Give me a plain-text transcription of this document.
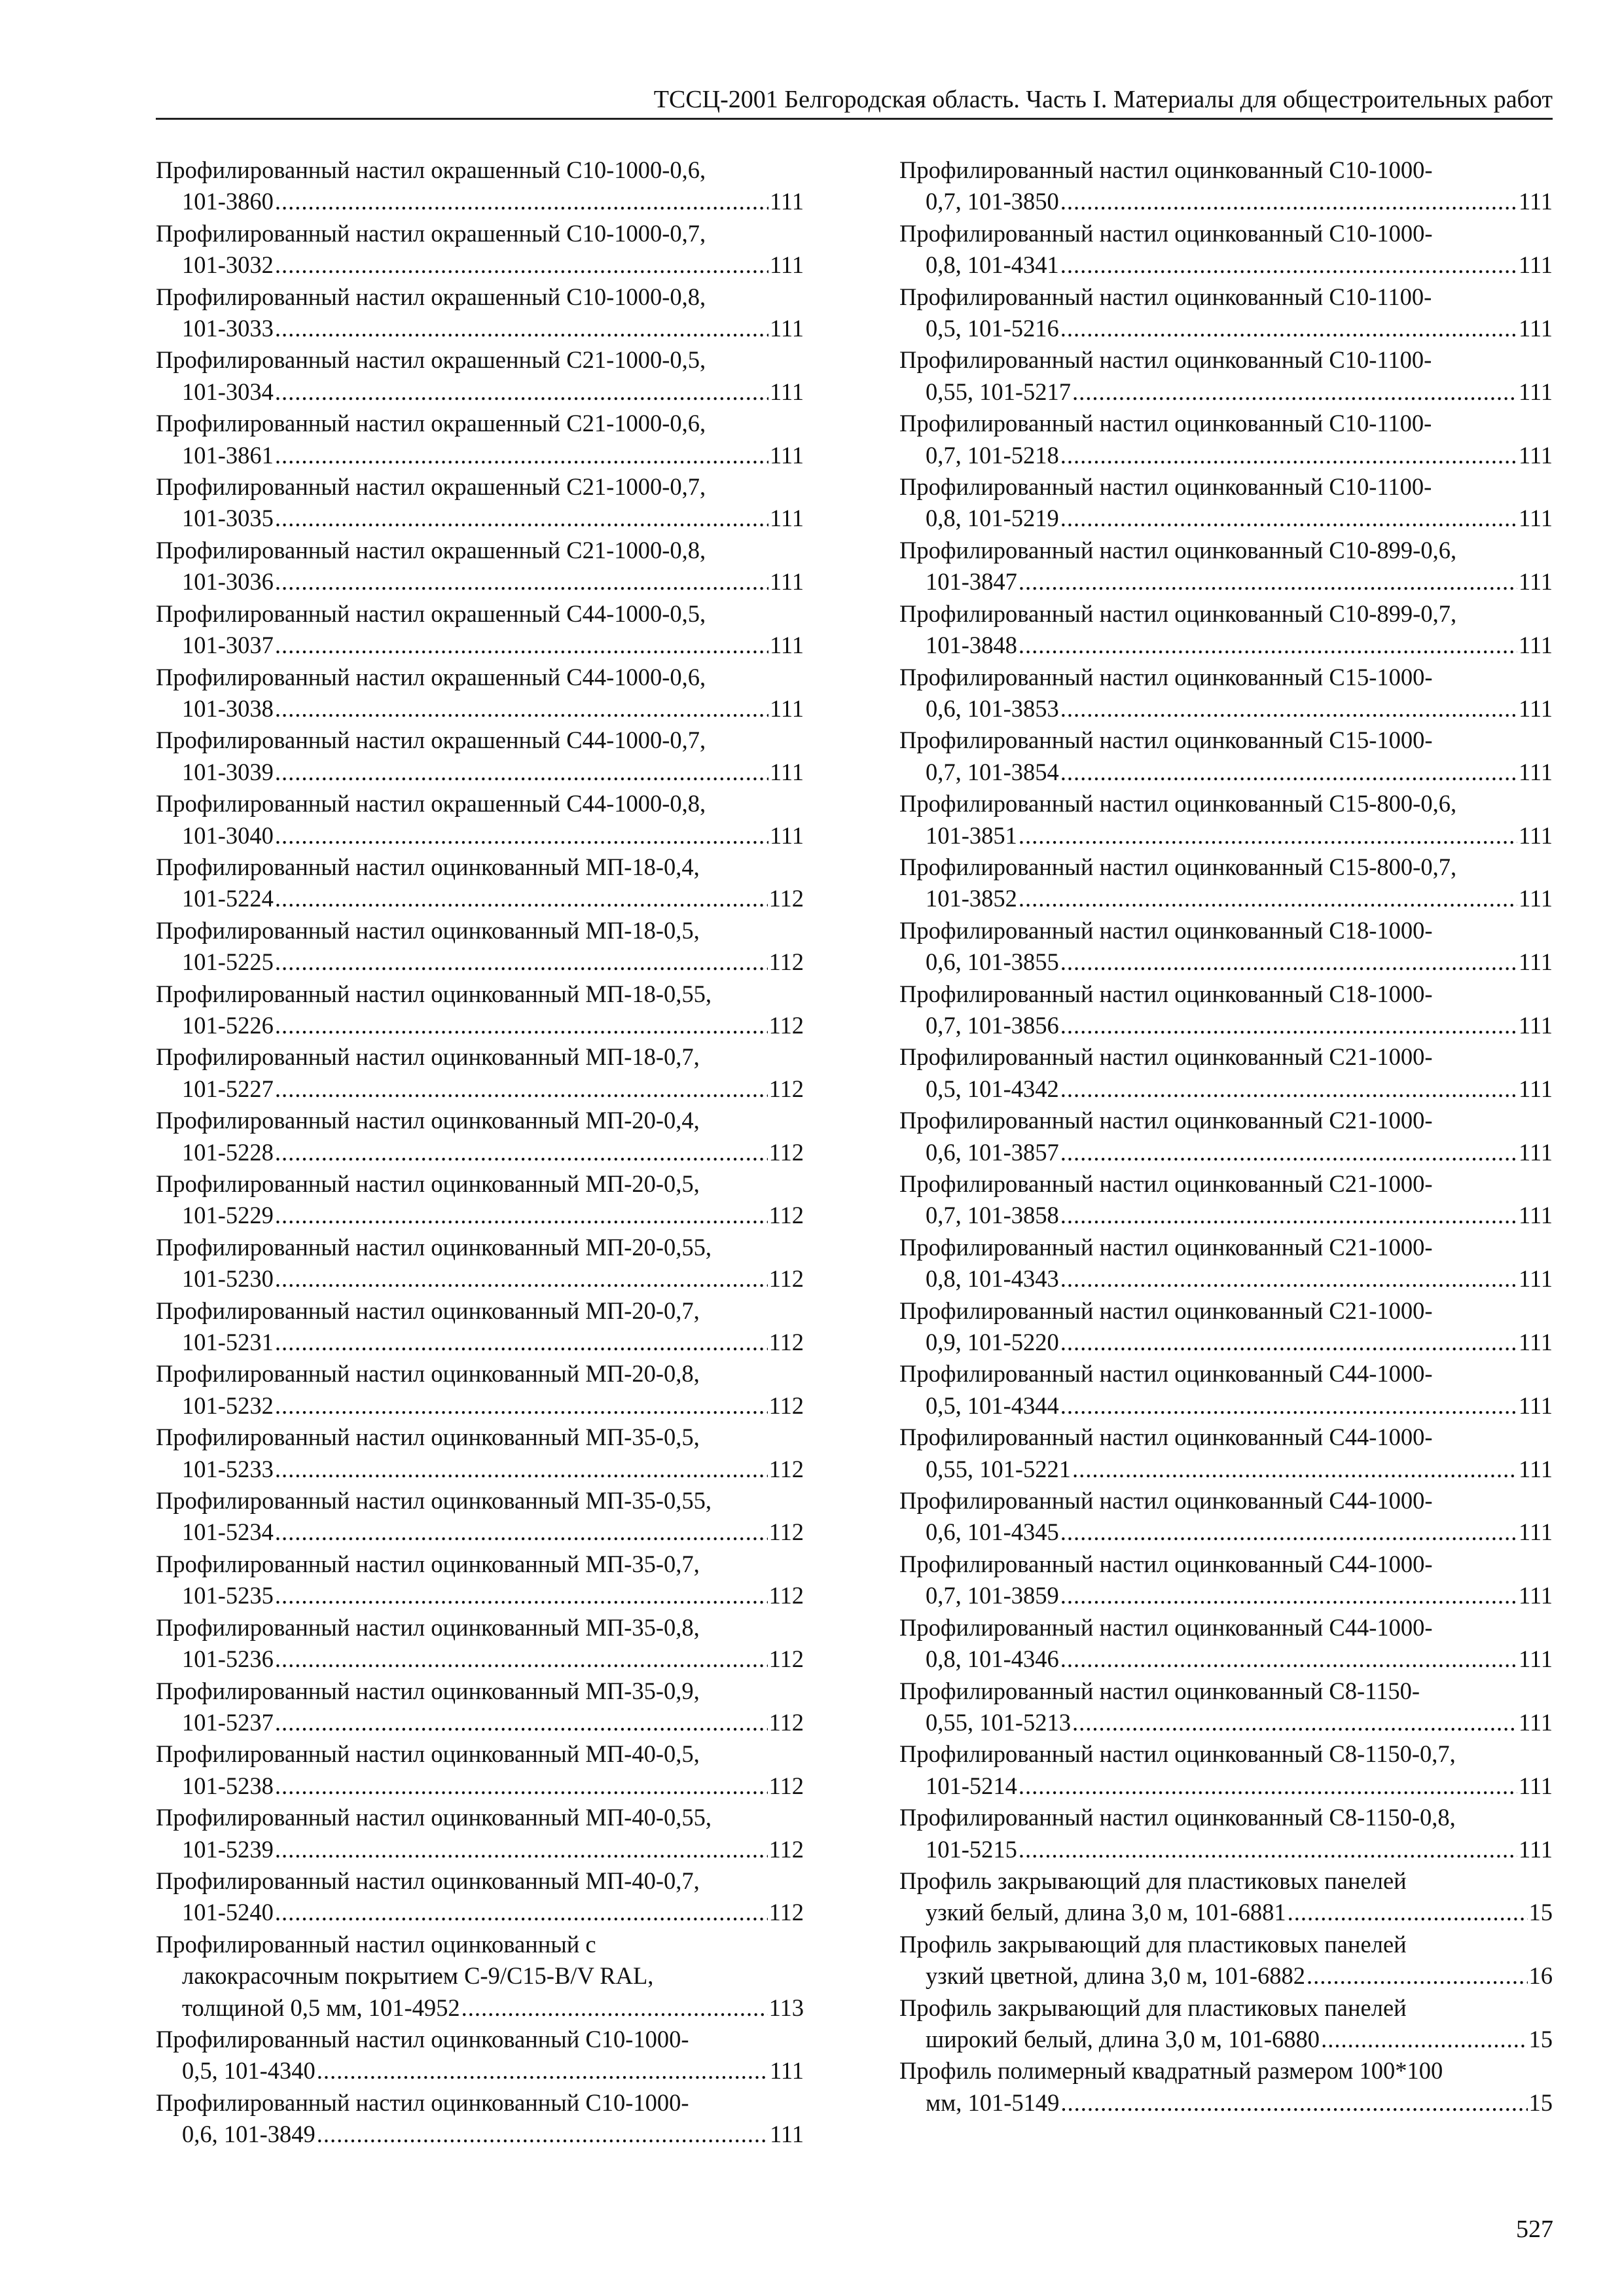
ТССЦ-2001 Белгородская область. Часть I. Материалы для общестроительных работ
Профилированный настил окрашенный С10-1000-0,6,
101-3860 .....	111
Профилированный настил окрашенный С10-1000-0,7,
101-3032 .....	111
Профилированный настил окрашенный С10-1000-0,8,
101-3033 .....	111
Профилированный настил окрашенный С21-1000-0,5,
101-3034 .....	111
Профилированный настил окрашенный С21-1000-0,6,
101-3861 .....	111
Профилированный настил окрашенный С21-1000-0,7,
101-3035 .....	111
Профилированный настил окрашенный С21-1000-0,8,
101-3036 .....	111
Профилированный настил окрашенный С44-1000-0,5,
101-3037 .....	111
Профилированный настил окрашенный С44-1000-0,6,
101-3038 .....	111
Профилированный настил окрашенный С44-1000-0,7,
101-3039 .....	111
Профилированный настил окрашенный С44-1000-0,8,
101-3040 .....	111
Профилированный настил оцинкованный МП-18-0,4,
101-5224 .....	112
Профилированный настил оцинкованный МП-18-0,5,
101-5225 .....	112
Профилированный настил оцинкованный МП-18-0,55,
101-5226 .....	112
Профилированный настил оцинкованный МП-18-0,7,
101-5227 .....	112
Профилированный настил оцинкованный МП-20-0,4,
101-5228 .....	112
Профилированный настил оцинкованный МП-20-0,5,
101-5229 .....	112
Профилированный настил оцинкованный МП-20-0,55,
101-5230 .....	112
Профилированный настил оцинкованный МП-20-0,7,
101-5231 .....	112
Профилированный настил оцинкованный МП-20-0,8,
101-5232 .....	112
Профилированный настил оцинкованный МП-35-0,5,
101-5233 .....	112
Профилированный настил оцинкованный МП-35-0,55,
101-5234 .....	112
Профилированный настил оцинкованный МП-35-0,7,
101-5235 .....	112
Профилированный настил оцинкованный МП-35-0,8,
101-5236 .....	112
Профилированный настил оцинкованный МП-35-0,9,
101-5237 .....	112
Профилированный настил оцинкованный МП-40-0,5,
101-5238 .....	112
Профилированный настил оцинкованный МП-40-0,55,
101-5239 .....	112
Профилированный настил оцинкованный МП-40-0,7,
101-5240 .....	112
Профилированный настил оцинкованный с
лакокрасочным покрытием С-9/С15-В/V RAL,
толщиной 0,5 мм, 101-4952 .....	113
Профилированный настил оцинкованный С10-1000-
0,5, 101-4340 .....	111
Профилированный настил оцинкованный С10-1000-
0,6, 101-3849 .....	111
Профилированный настил оцинкованный С10-1000-
0,7, 101-3850 .....	111
Профилированный настил оцинкованный С10-1000-
0,8, 101-4341 .....	111
Профилированный настил оцинкованный С10-1100-
0,5, 101-5216 .....	111
Профилированный настил оцинкованный С10-1100-
0,55, 101-5217 .....	111
Профилированный настил оцинкованный С10-1100-
0,7, 101-5218 .....	111
Профилированный настил оцинкованный С10-1100-
0,8, 101-5219 .....	111
Профилированный настил оцинкованный С10-899-0,6,
101-3847 .....	111
Профилированный настил оцинкованный С10-899-0,7,
101-3848 .....	111
Профилированный настил оцинкованный С15-1000-
0,6, 101-3853 .....	111
Профилированный настил оцинкованный С15-1000-
0,7, 101-3854 .....	111
Профилированный настил оцинкованный С15-800-0,6,
101-3851 .....	111
Профилированный настил оцинкованный С15-800-0,7,
101-3852 .....	111
Профилированный настил оцинкованный С18-1000-
0,6, 101-3855 .....	111
Профилированный настил оцинкованный С18-1000-
0,7, 101-3856 .....	111
Профилированный настил оцинкованный С21-1000-
0,5, 101-4342 .....	111
Профилированный настил оцинкованный С21-1000-
0,6, 101-3857 .....	111
Профилированный настил оцинкованный С21-1000-
0,7, 101-3858 .....	111
Профилированный настил оцинкованный С21-1000-
0,8, 101-4343 .....	111
Профилированный настил оцинкованный С21-1000-
0,9, 101-5220 .....	111
Профилированный настил оцинкованный С44-1000-
0,5, 101-4344 .....	111
Профилированный настил оцинкованный С44-1000-
0,55, 101-5221 .....	111
Профилированный настил оцинкованный С44-1000-
0,6, 101-4345 .....	111
Профилированный настил оцинкованный С44-1000-
0,7, 101-3859 .....	111
Профилированный настил оцинкованный С44-1000-
0,8, 101-4346 .....	111
Профилированный настил оцинкованный С8-1150-
0,55, 101-5213 .....	111
Профилированный настил оцинкованный С8-1150-0,7,
101-5214 .....	111
Профилированный настил оцинкованный С8-1150-0,8,
101-5215 .....	111
Профиль закрывающий для пластиковых панелей
узкий белый, длина 3,0 м, 101-6881 .....	15
Профиль закрывающий для пластиковых панелей
узкий цветной, длина 3,0 м, 101-6882 .....	16
Профиль закрывающий для пластиковых панелей
широкий белый, длина 3,0 м, 101-6880 .....	15
Профиль полимерный квадратный размером 100*100
мм, 101-5149 .....	15
527
